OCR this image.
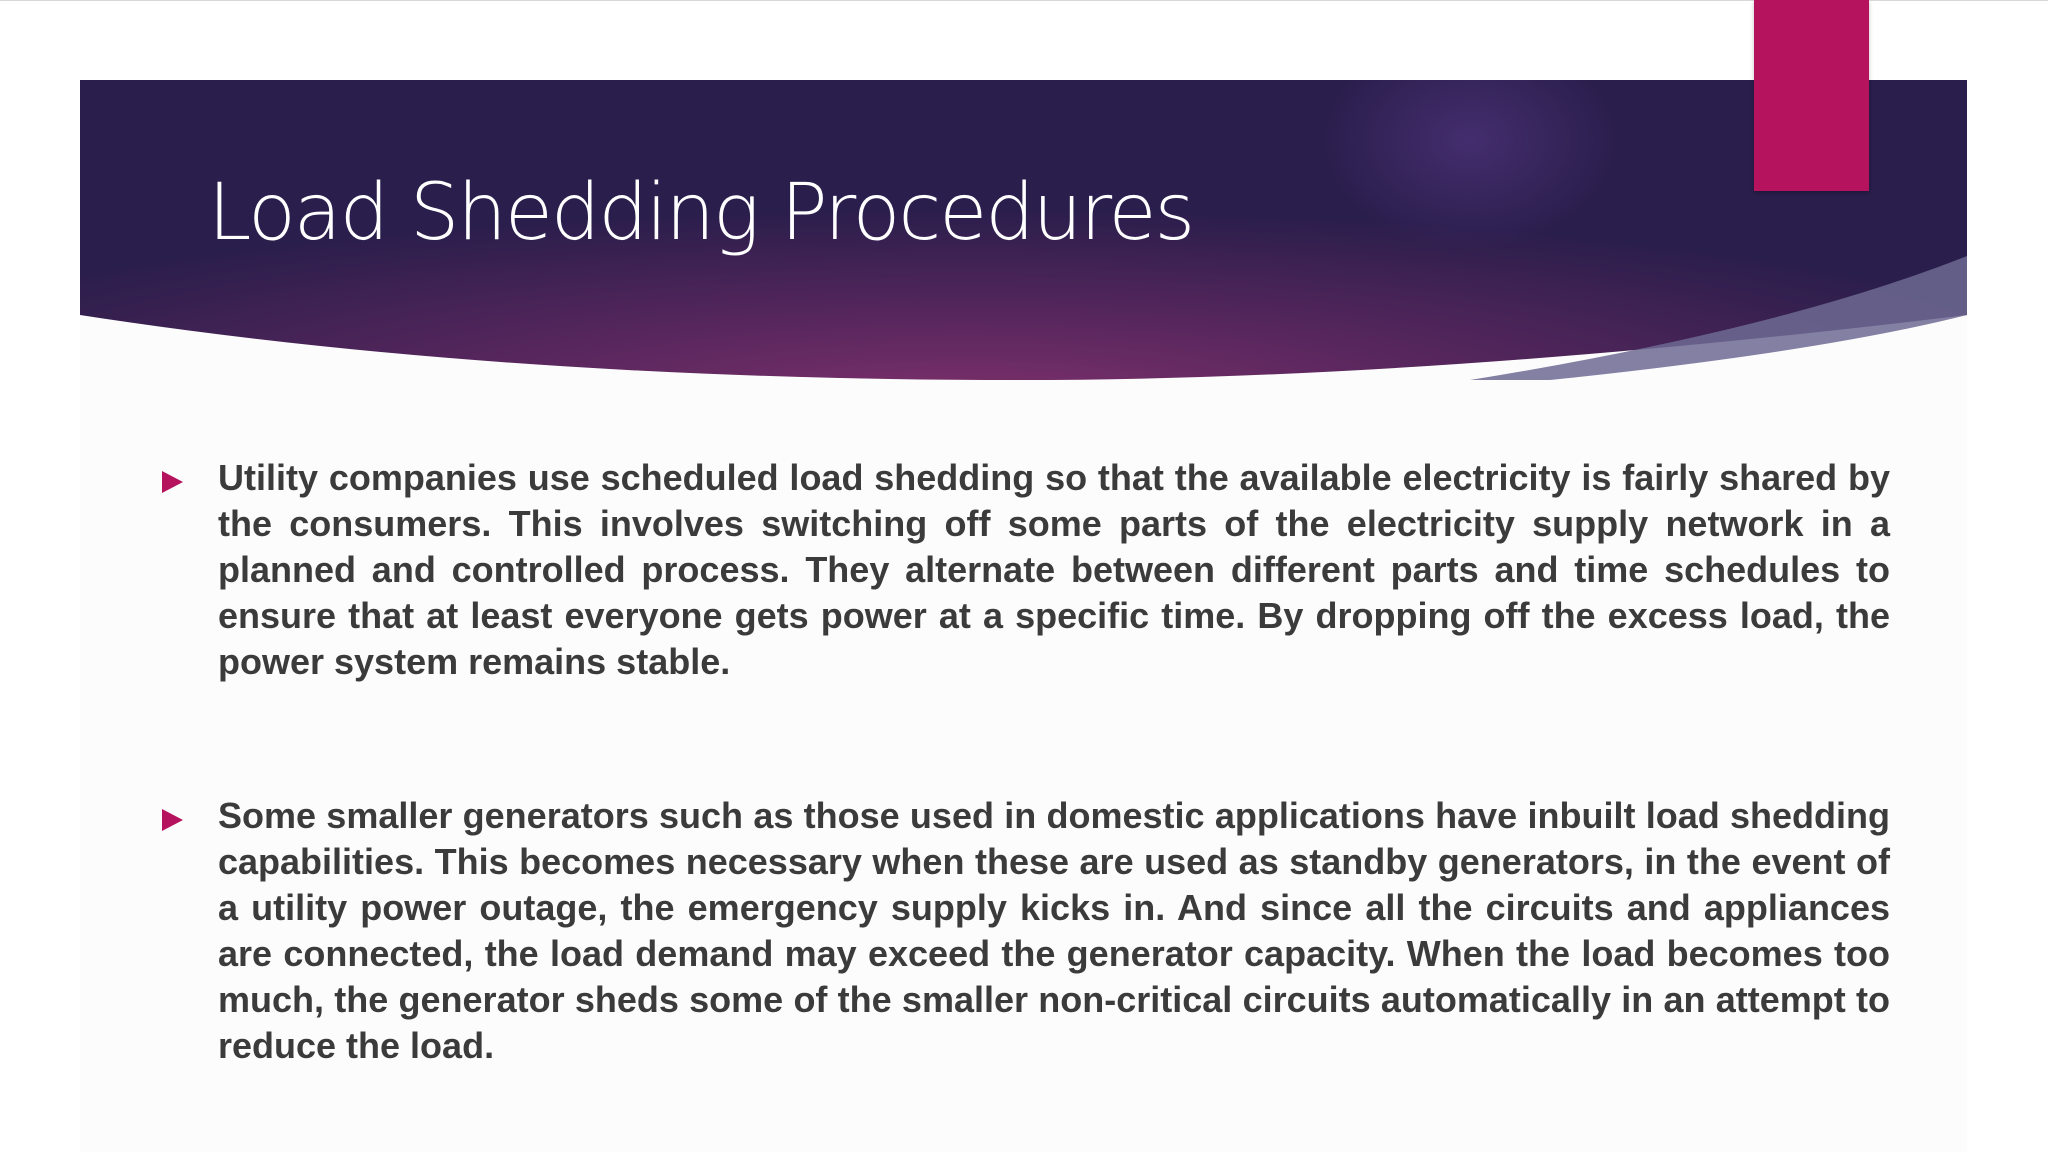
Load Shedding Procedures

Utility companies use scheduled load shedding so that the available electricity is fairly shared by the consumers. This involves switching off some parts of the electricity supply network in a planned and controlled process. They alternate between different parts and time schedules to ensure that at least everyone gets power at a specific time. By dropping off the excess load, the power system remains stable.

Some smaller generators such as those used in domestic applications have inbuilt load shedding capabilities. This becomes necessary when these are used as standby generators, in the event of a utility power outage, the emergency supply kicks in. And since all the circuits and appliances are connected, the load demand may exceed the generator capacity. When the load becomes too much, the generator sheds some of the smaller non-critical circuits automatically in an attempt to reduce the load.
